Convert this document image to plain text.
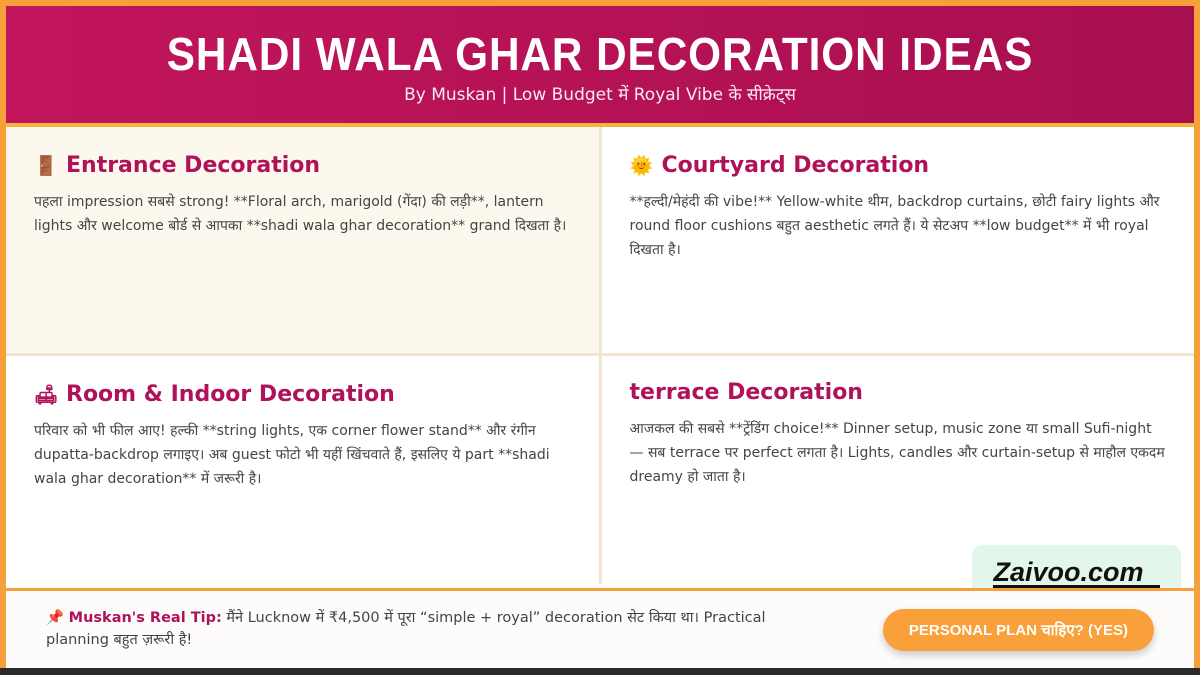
SHADI WALA GHAR DECORATION IDEAS
By Muskan | Low Budget में Royal Vibe के सीक्रेट्स
🚪 Entrance Decoration

पहला impression सबसे strong! **Floral arch, marigold (गेंदा) की लड़ी**, lantern lights और welcome बोर्ड से आपका **shadi wala ghar decoration** grand दिखता है।

🌞 Courtyard Decoration

**हल्दी/मेहंदी की vibe!** Yellow-white थीम, backdrop curtains, छोटी fairy lights और round floor cushions बहुत aesthetic लगते हैं। ये सेटअप **low budget** में भी royal दिखता है।

🛋 Room & Indoor Decoration

परिवार को भी फील आए! हल्की **string lights, एक corner flower stand** और रंगीन dupatta-backdrop लगाइए। अब guest फोटो भी यहीं खिंचवाते हैं, इसलिए ये part **shadi wala ghar decoration** में जरूरी है।

terrace Decoration

आजकल की सबसे **ट्रेंडिंग choice!** Dinner setup, music zone या small Sufi-night — सब terrace पर perfect लगता है। Lights, candles और curtain-setup से माहौल एकदम dreamy हो जाता है।

Zaivoo.com
📌 Muskan's Real Tip: मैंने Lucknow में ₹4,500 में पूरा “simple + royal” decoration सेट किया था। Practical planning बहुत ज़रूरी है!
PERSONAL PLAN चाहिए? (YES)
